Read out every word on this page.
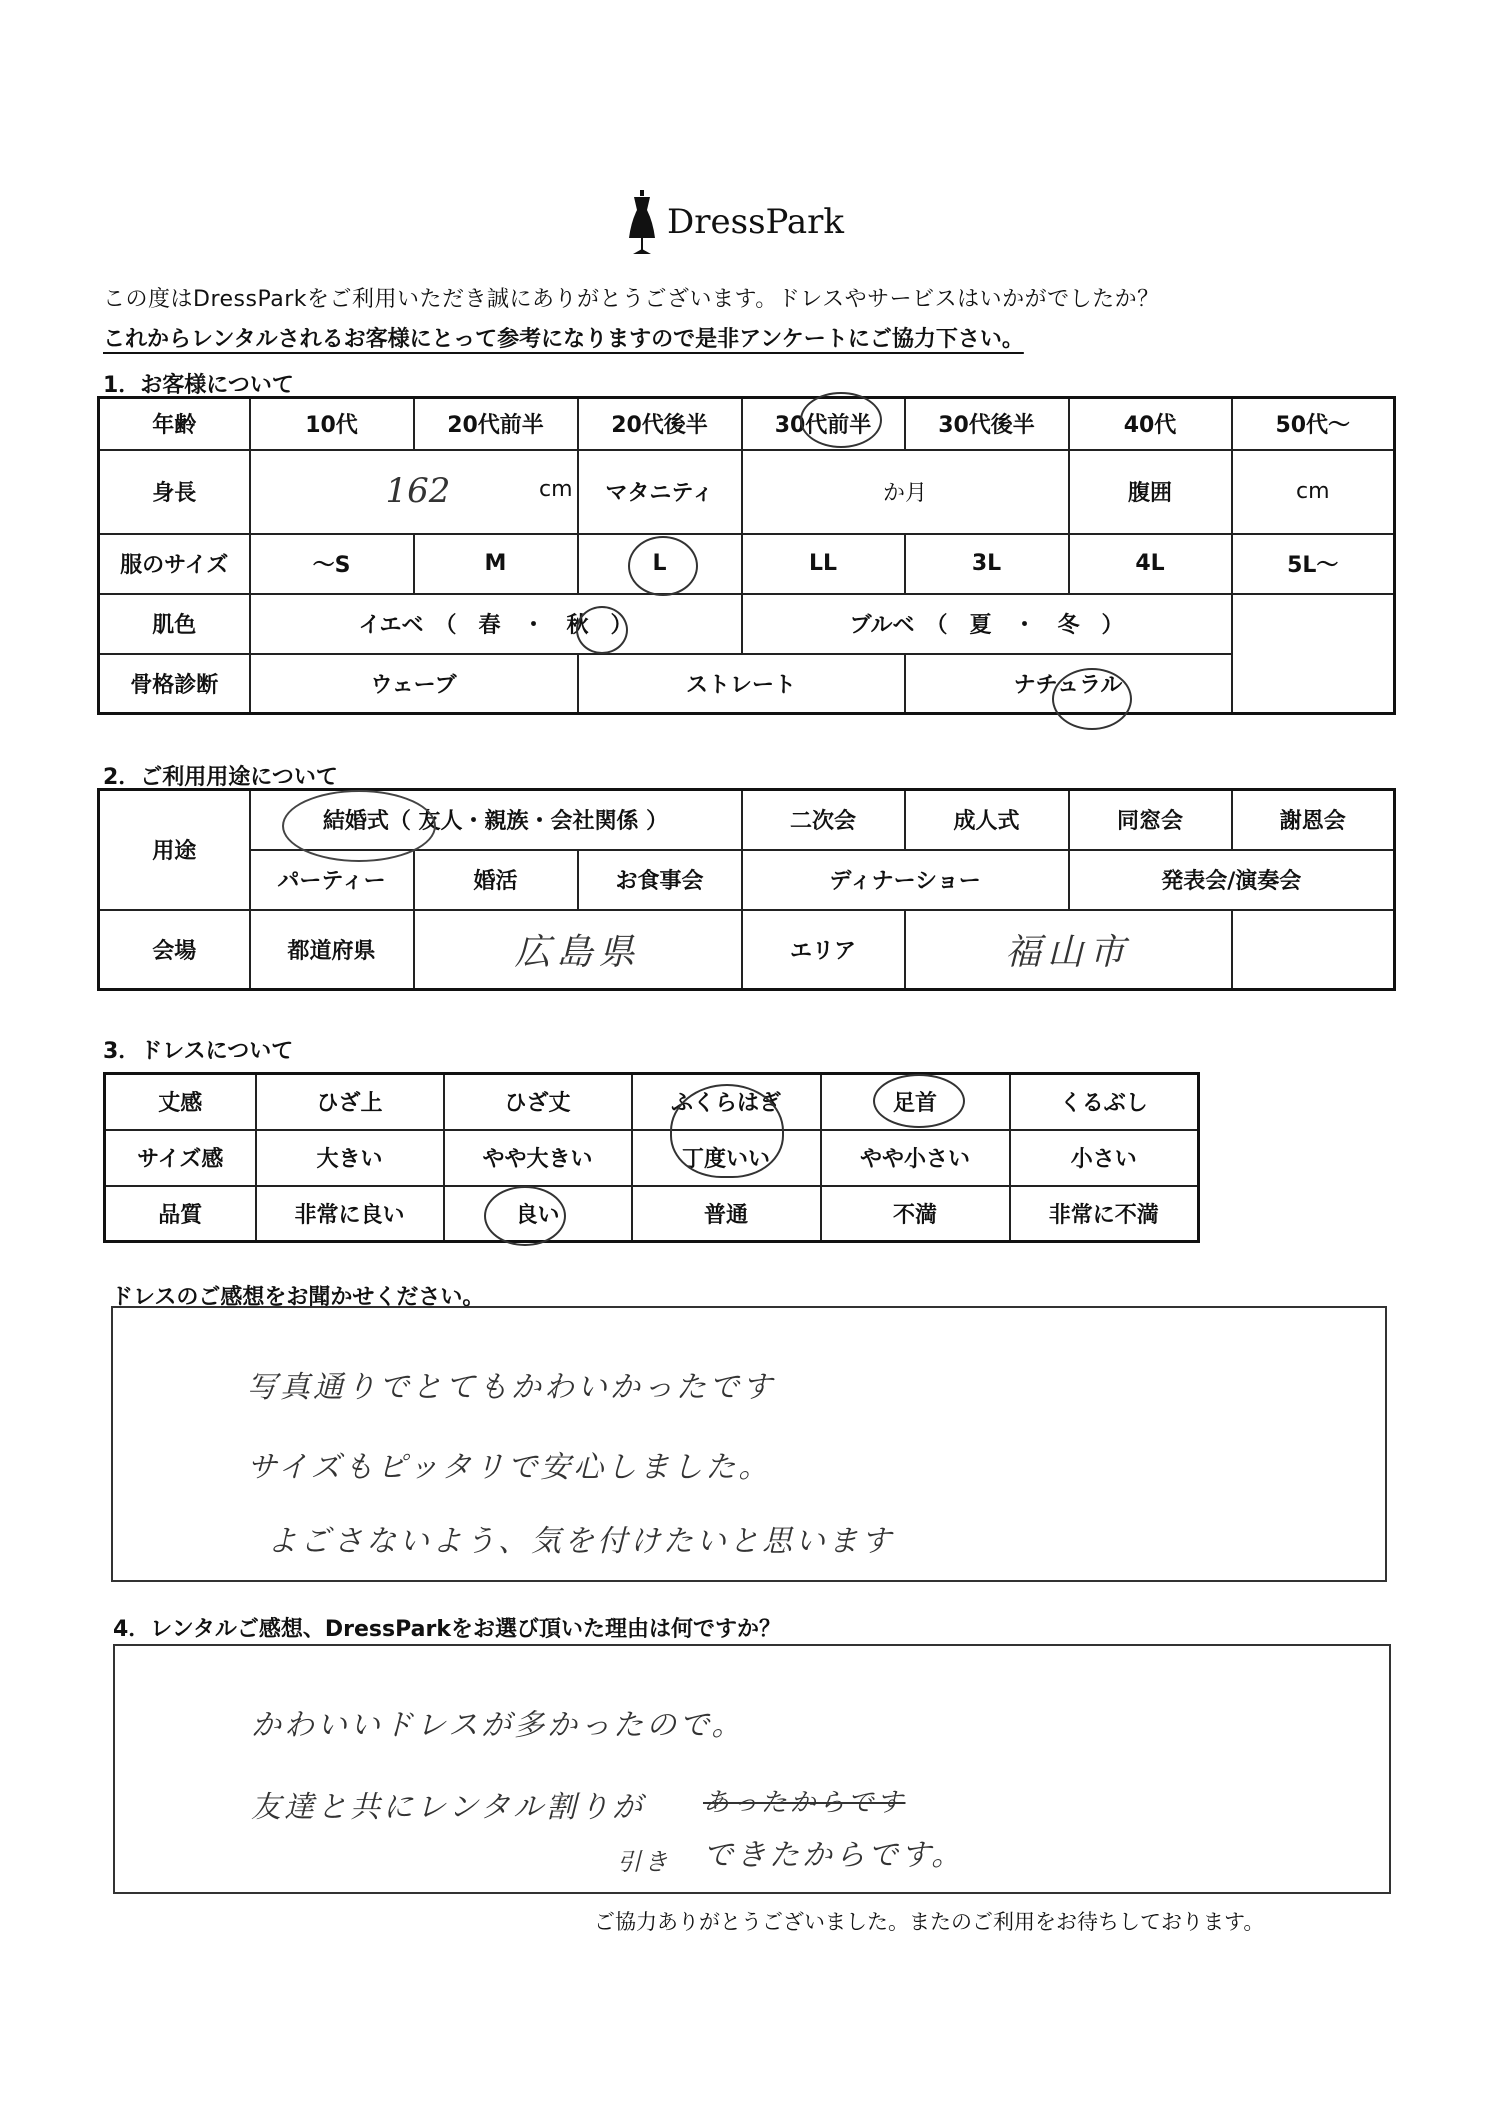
DressPark
この度はDressParkをご利用いただき誠にありがとうございます。ドレスやサービスはいかがでしたか？
これからレンタルされるお客様にとって参考になりますので是非アンケートにご協力下さい。
1．お客様について
年齢	10代	20代前半	20代後半	30代前半	30代後半	40代	50代～
身長	162 cm		マタニティ	か月		腹囲	cm
服のサイズ	～S	M	L	LL	3L	4L	5L～
肌色	イエベ　（　春　・　秋　）			ブルベ　（　夏　・　冬　）			
骨格診断	ウェーブ		ストレート		ナチュラル		
2．ご利用用途について
用途	結婚式（ 友人・親族・会社関係 ）			二次会	成人式	同窓会	謝恩会
	パーティー	婚活	お食事会	ディナーショー		発表会/演奏会	
会場	都道府県	広島県		エリア	福山市		
3．ドレスについて
丈感	ひざ上	ひざ丈	ふくらはぎ	足首	くるぶし
サイズ感	大きい	やや大きい	丁度いい	やや小さい	小さい
品質	非常に良い	良い	普通	不満	非常に不満
ドレスのご感想をお聞かせください。
写真通りでとてもかわいかったです
サイズもピッタリで安心しました。
よごさないよう、気を付けたいと思います
4．レンタルご感想、DressParkをお選び頂いた理由は何ですか？
かわいいドレスが多かったので。
友達と共にレンタル割りが あったからです
引き できたからです。
ご協力ありがとうございました。またのご利用をお待ちしております。
